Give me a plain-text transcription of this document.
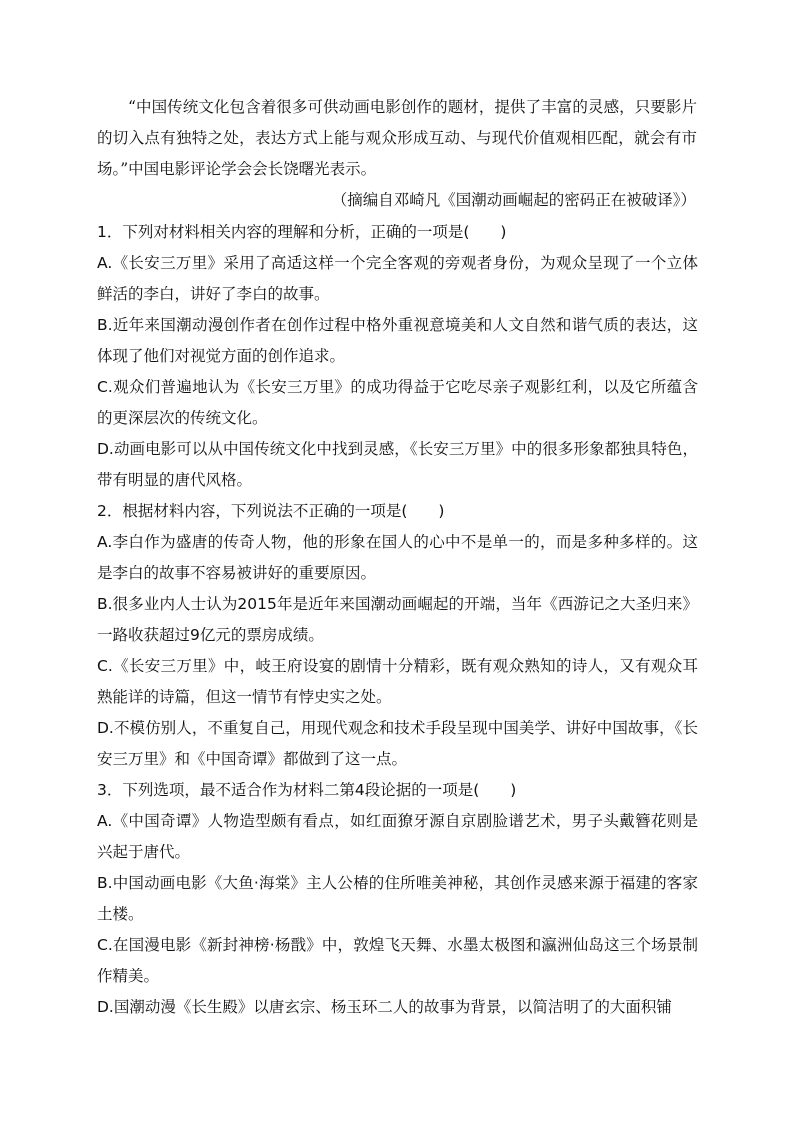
“中国传统文化包含着很多可供动画电影创作的题材，提供了丰富的灵感，只要影片的切入点有独特之处，表达方式上能与观众形成互动、与现代价值观相匹配，就会有市场。”中国电影评论学会会长饶曙光表示。

（摘编自邓崎凡《国潮动画崛起的密码正在被破译》）

1．下列对材料相关内容的理解和分析，正确的一项是(　　)

A.《长安三万里》采用了高适这样一个完全客观的旁观者身份，为观众呈现了一个立体鲜活的李白，讲好了李白的故事。

B.近年来国潮动漫创作者在创作过程中格外重视意境美和人文自然和谐气质的表达，这体现了他们对视觉方面的创作追求。

C.观众们普遍地认为《长安三万里》的成功得益于它吃尽亲子观影红利，以及它所蕴含的更深层次的传统文化。

D.动画电影可以从中国传统文化中找到灵感，《长安三万里》中的很多形象都独具特色，带有明显的唐代风格。

2．根据材料内容，下列说法不正确的一项是(　　)

A.李白作为盛唐的传奇人物，他的形象在国人的心中不是单一的，而是多种多样的。这是李白的故事不容易被讲好的重要原因。

B.很多业内人士认为2015年是近年来国潮动画崛起的开端，当年《西游记之大圣归来》一路收获超过9亿元的票房成绩。

C.《长安三万里》中，岐王府设宴的剧情十分精彩，既有观众熟知的诗人，又有观众耳熟能详的诗篇，但这一情节有悖史实之处。

D.不模仿别人，不重复自己，用现代观念和技术手段呈现中国美学、讲好中国故事，《长安三万里》和《中国奇谭》都做到了这一点。

3．下列选项，最不适合作为材料二第4段论据的一项是(　　)

A.《中国奇谭》人物造型颇有看点，如红面獠牙源自京剧脸谱艺术，男子头戴簪花则是兴起于唐代。

B.中国动画电影《大鱼·海棠》主人公椿的住所唯美神秘，其创作灵感来源于福建的客家土楼。

C.在国漫电影《新封神榜·杨戬》中，敦煌飞天舞、水墨太极图和瀛洲仙岛这三个场景制作精美。

D.国潮动漫《长生殿》以唐玄宗、杨玉环二人的故事为背景，以简洁明了的大面积铺
